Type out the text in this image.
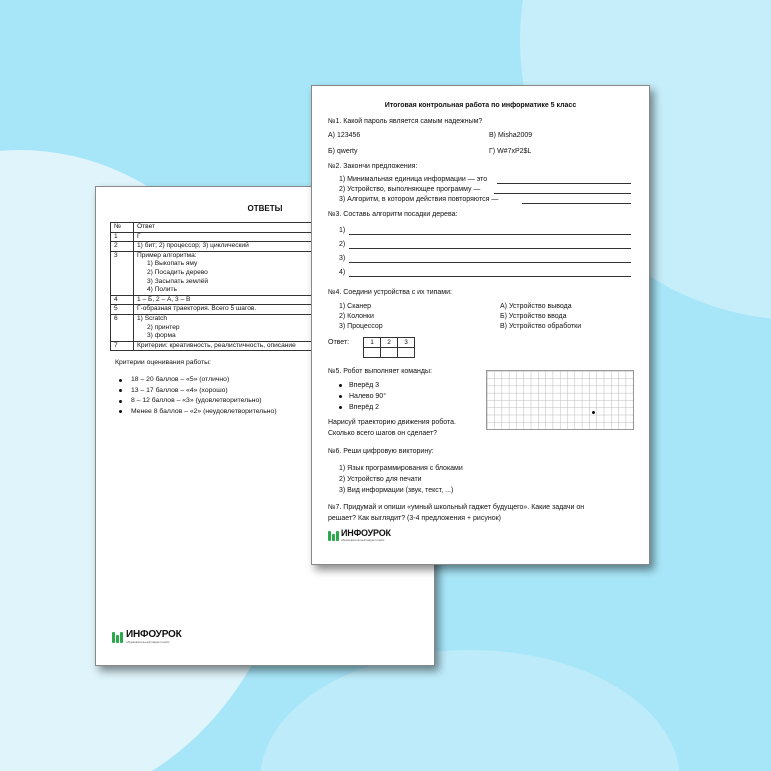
ОТВЕТЫ
№	Ответ
1	Г
2	1) бит; 2) процессор; 3) циклический
3	Пример алгоритма:
1) Выкопать яму
2) Посадить дерево
3) Засыпать землёй
4) Полить

4	1 – Б, 2 – А, 3 – В
5	Г-образная траектория. Всего 5 шагов.
6	1) Scratch
2) принтер
3) форма

7	Критерии: креативность, реалистичность, описание
Критерии оценивания работы:
18 – 20 баллов – «5» (отлично)
13 – 17 баллов – «4» (хорошо)
8 – 12 баллов – «3» (удовлетворительно)
Менее 8 баллов – «2» (неудовлетворительно)
ИНФОУРОК
образовательный маркетплейс
Итоговая контрольная работа по информатике 5 класс
№1. Какой пароль является самым надежным?
А) 123456	В) Misha2009
Б) qwerty	Г) W#7xP2$L
№2. Закончи предложения:
1) Минимальная единица информации — это
2) Устройство, выполняющее программу —
3) Алгоритм, в котором действия повторяются —
№3. Составь алгоритм посадки дерева:
1)
2)
3)
4)
№4. Соедини устройства с их типами:
1) Сканер
2) Колонки
3) Процессор
А) Устройство вывода
Б) Устройство ввода
В) Устройство обработки
Ответ:	1	2	3

№5. Робот выполняет команды:
Вперёд 3
Налево 90°
Вперёд 2
Нарисуй траекторию движения робота.
Сколько всего шагов он сделает?
№6. Реши цифровую викторину:
1) Язык программирования с блоками
2) Устройство для печати
3) Вид информации (звук, текст, ...)
№7. Придумай и опиши «умный школьный гаджет будущего». Какие задачи он
решает? Как выглядит? (3-4 предложения + рисунок)
ИНФОУРОК
образовательный маркетплейс
